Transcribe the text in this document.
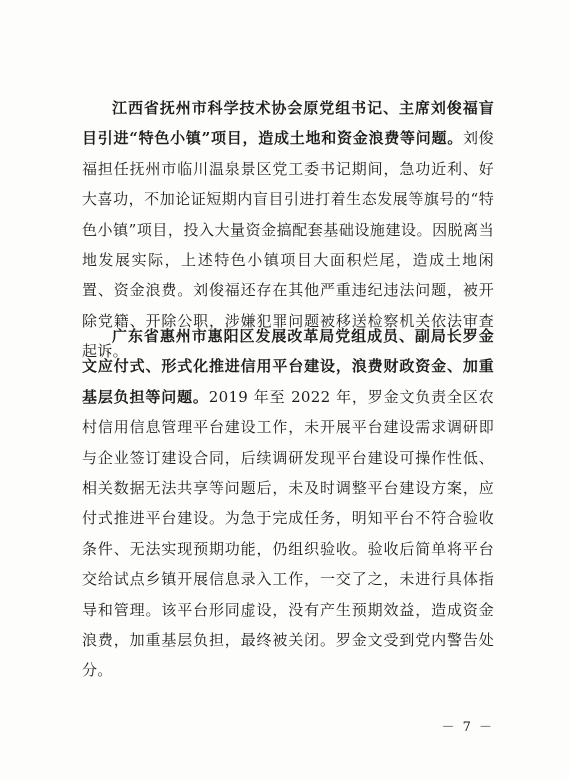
江西省抚州市科学技术协会原党组书记、主席刘俊福盲目引进“特色小镇”项目，造成土地和资金浪费等问题。刘俊福担任抚州市临川温泉景区党工委书记期间，急功近利、好大喜功，不加论证短期内盲目引进打着生态发展等旗号的“特色小镇”项目，投入大量资金搞配套基础设施建设。因脱离当地发展实际，上述特色小镇项目大面积烂尾，造成土地闲置、资金浪费。刘俊福还存在其他严重违纪违法问题，被开除党籍、开除公职，涉嫌犯罪问题被移送检察机关依法审查起诉。

广东省惠州市惠阳区发展改革局党组成员、副局长罗金文应付式、形式化推进信用平台建设，浪费财政资金、加重基层负担等问题。2019 年至 2022 年，罗金文负责全区农村信用信息管理平台建设工作，未开展平台建设需求调研即与企业签订建设合同，后续调研发现平台建设可操作性低、相关数据无法共享等问题后，未及时调整平台建设方案，应付式推进平台建设。为急于完成任务，明知平台不符合验收条件、无法实现预期功能，仍组织验收。验收后简单将平台交给试点乡镇开展信息录入工作，一交了之，未进行具体指导和管理。该平台形同虚设，没有产生预期效益，造成资金浪费，加重基层负担，最终被关闭。罗金文受到党内警告处分。

－ 7 －
